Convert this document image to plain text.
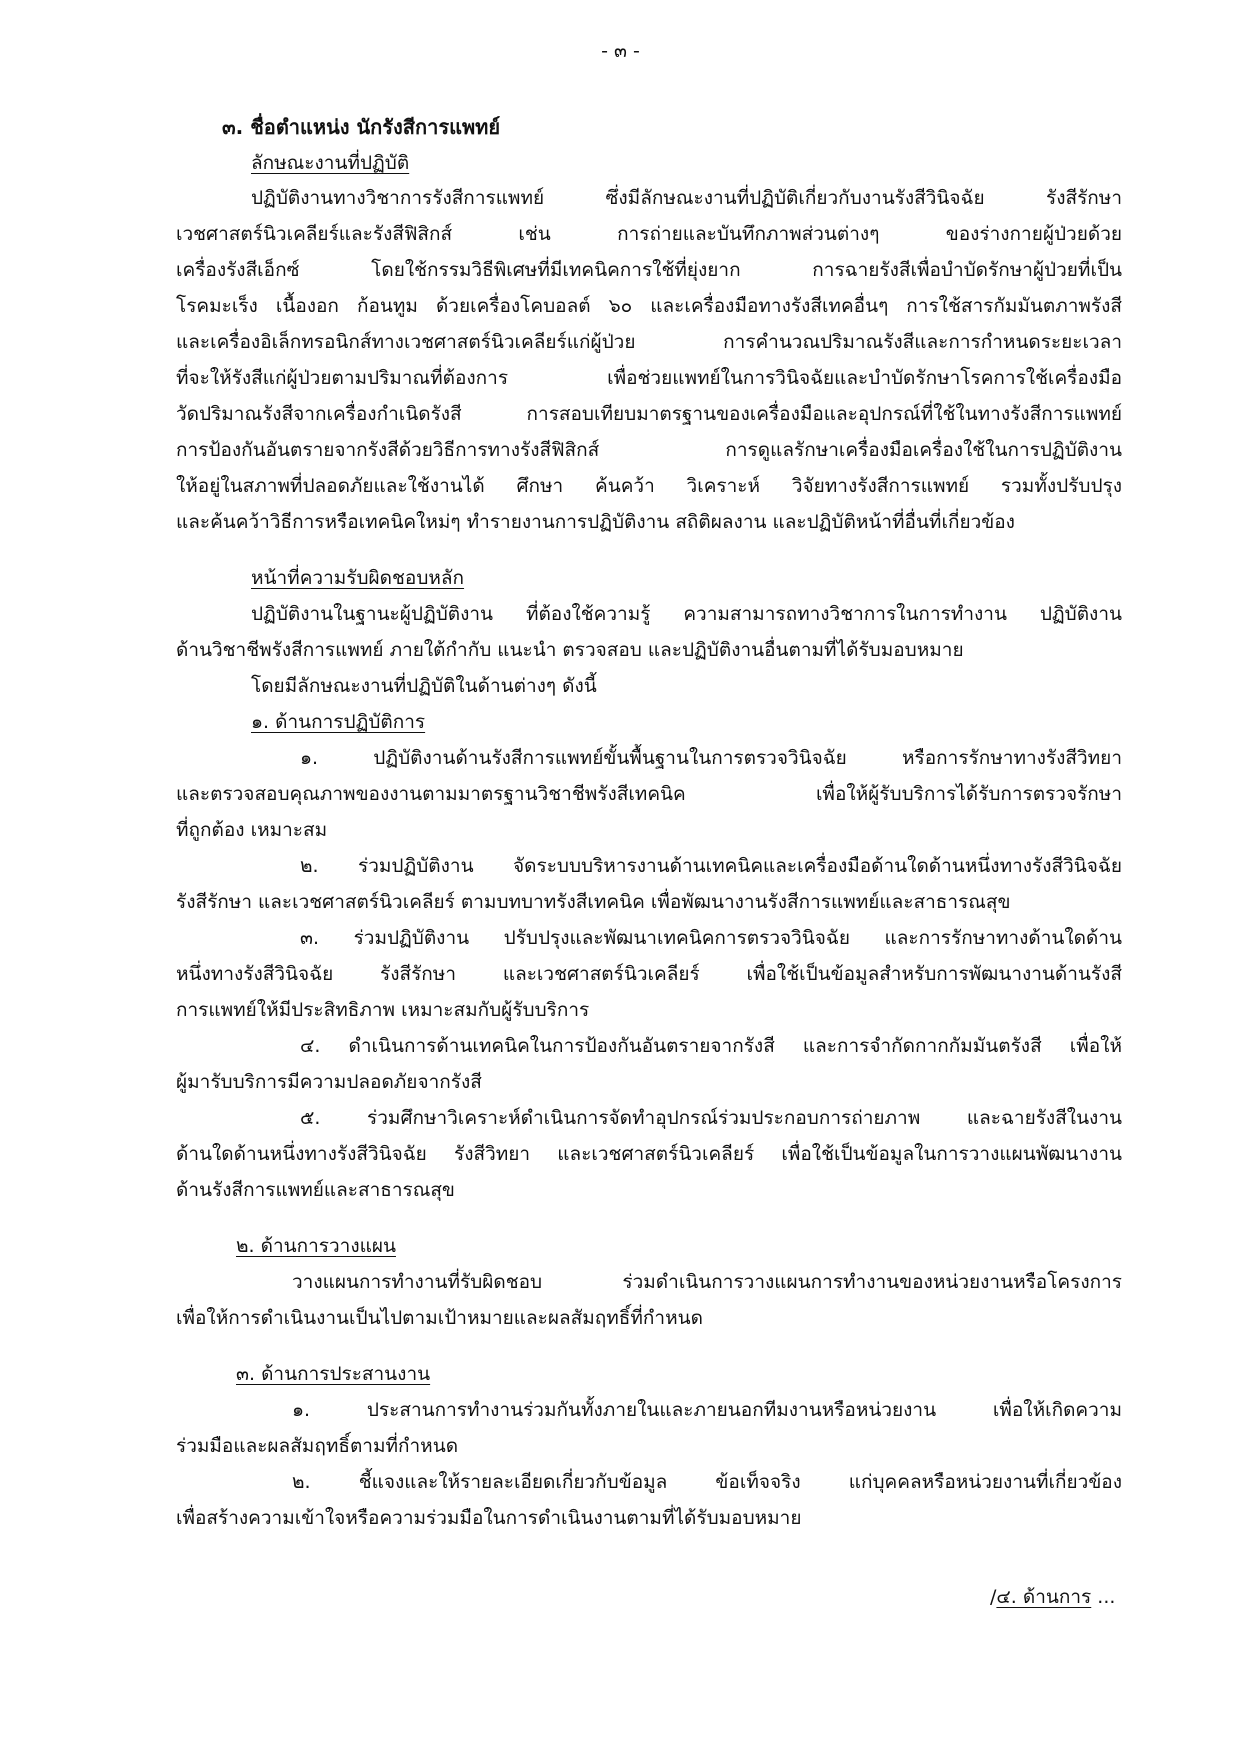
- ๓ -
๓. ชื่อตำแหน่ง นักรังสีการแพทย์
ลักษณะงานที่ปฏิบัติ
ปฏิบัติงานทางวิชาการรังสีการแพทย์ ซึ่งมีลักษณะงานที่ปฏิบัติเกี่ยวกับงานรังสีวินิจฉัย รังสีรักษา
เวชศาสตร์นิวเคลียร์และรังสีฟิสิกส์ เช่น การถ่ายและบันทึกภาพส่วนต่างๆ ของร่างกายผู้ป่วยด้วย
เครื่องรังสีเอ็กซ์ โดยใช้กรรมวิธีพิเศษที่มีเทคนิคการใช้ที่ยุ่งยาก การฉายรังสีเพื่อบำบัดรักษาผู้ป่วยที่เป็น
โรคมะเร็ง เนื้องอก ก้อนทูม ด้วยเครื่องโคบอลต์ ๖๐ และเครื่องมือทางรังสีเทคอื่นๆ การใช้สารกัมมันตภาพรังสี
และเครื่องอิเล็กทรอนิกส์ทางเวชศาสตร์นิวเคลียร์แก่ผู้ป่วย การคำนวณปริมาณรังสีและการกำหนดระยะเวลา
ที่จะให้รังสีแก่ผู้ป่วยตามปริมาณที่ต้องการ เพื่อช่วยแพทย์ในการวินิจฉัยและบำบัดรักษาโรคการใช้เครื่องมือ
วัดปริมาณรังสีจากเครื่องกำเนิดรังสี การสอบเทียบมาตรฐานของเครื่องมือและอุปกรณ์ที่ใช้ในทางรังสีการแพทย์
การป้องกันอันตรายจากรังสีด้วยวิธีการทางรังสีฟิสิกส์ การดูแลรักษาเครื่องมือเครื่องใช้ในการปฏิบัติงาน
ให้อยู่ในสภาพที่ปลอดภัยและใช้งานได้ ศึกษา ค้นคว้า วิเคราะห์ วิจัยทางรังสีการแพทย์ รวมทั้งปรับปรุง
และค้นคว้าวิธีการหรือเทคนิคใหม่ๆ ทำรายงานการปฏิบัติงาน สถิติผลงาน และปฏิบัติหน้าที่อื่นที่เกี่ยวข้อง
หน้าที่ความรับผิดชอบหลัก
ปฏิบัติงานในฐานะผู้ปฏิบัติงาน ที่ต้องใช้ความรู้ ความสามารถทางวิชาการในการทำงาน ปฏิบัติงาน
ด้านวิชาชีพรังสีการแพทย์ ภายใต้กำกับ แนะนำ ตรวจสอบ และปฏิบัติงานอื่นตามที่ได้รับมอบหมาย
โดยมีลักษณะงานที่ปฏิบัติในด้านต่างๆ ดังนี้
๑. ด้านการปฏิบัติการ
๑. ปฏิบัติงานด้านรังสีการแพทย์ขั้นพื้นฐานในการตรวจวินิจฉัย หรือการรักษาทางรังสีวิทยา
และตรวจสอบคุณภาพของงานตามมาตรฐานวิชาชีพรังสีเทคนิค เพื่อให้ผู้รับบริการได้รับการตรวจรักษา
ที่ถูกต้อง เหมาะสม
๒. ร่วมปฏิบัติงาน จัดระบบบริหารงานด้านเทคนิคและเครื่องมือด้านใดด้านหนึ่งทางรังสีวินิจฉัย
รังสีรักษา และเวชศาสตร์นิวเคลียร์ ตามบทบาทรังสีเทคนิค เพื่อพัฒนางานรังสีการแพทย์และสาธารณสุข
๓. ร่วมปฏิบัติงาน ปรับปรุงและพัฒนาเทคนิคการตรวจวินิจฉัย และการรักษาทางด้านใดด้าน
หนึ่งทางรังสีวินิจฉัย รังสีรักษา และเวชศาสตร์นิวเคลียร์ เพื่อใช้เป็นข้อมูลสำหรับการพัฒนางานด้านรังสี
การแพทย์ให้มีประสิทธิภาพ เหมาะสมกับผู้รับบริการ
๔. ดำเนินการด้านเทคนิคในการป้องกันอันตรายจากรังสี และการจำกัดกากกัมมันตรังสี เพื่อให้
ผู้มารับบริการมีความปลอดภัยจากรังสี
๕. ร่วมศึกษาวิเคราะห์ดำเนินการจัดทำอุปกรณ์ร่วมประกอบการถ่ายภาพ และฉายรังสีในงาน
ด้านใดด้านหนึ่งทางรังสีวินิจฉัย รังสีวิทยา และเวชศาสตร์นิวเคลียร์ เพื่อใช้เป็นข้อมูลในการวางแผนพัฒนางาน
ด้านรังสีการแพทย์และสาธารณสุข
๒. ด้านการวางแผน
วางแผนการทำงานที่รับผิดชอบ ร่วมดำเนินการวางแผนการทำงานของหน่วยงานหรือโครงการ
เพื่อให้การดำเนินงานเป็นไปตามเป้าหมายและผลสัมฤทธิ์ที่กำหนด
๓. ด้านการประสานงาน
๑. ประสานการทำงานร่วมกันทั้งภายในและภายนอกทีมงานหรือหน่วยงาน เพื่อให้เกิดความ
ร่วมมือและผลสัมฤทธิ์ตามที่กำหนด
๒. ชี้แจงและให้รายละเอียดเกี่ยวกับข้อมูล ข้อเท็จจริง แก่บุคคลหรือหน่วยงานที่เกี่ยวข้อง
เพื่อสร้างความเข้าใจหรือความร่วมมือในการดำเนินงานตามที่ได้รับมอบหมาย
/๔. ด้านการ ...
